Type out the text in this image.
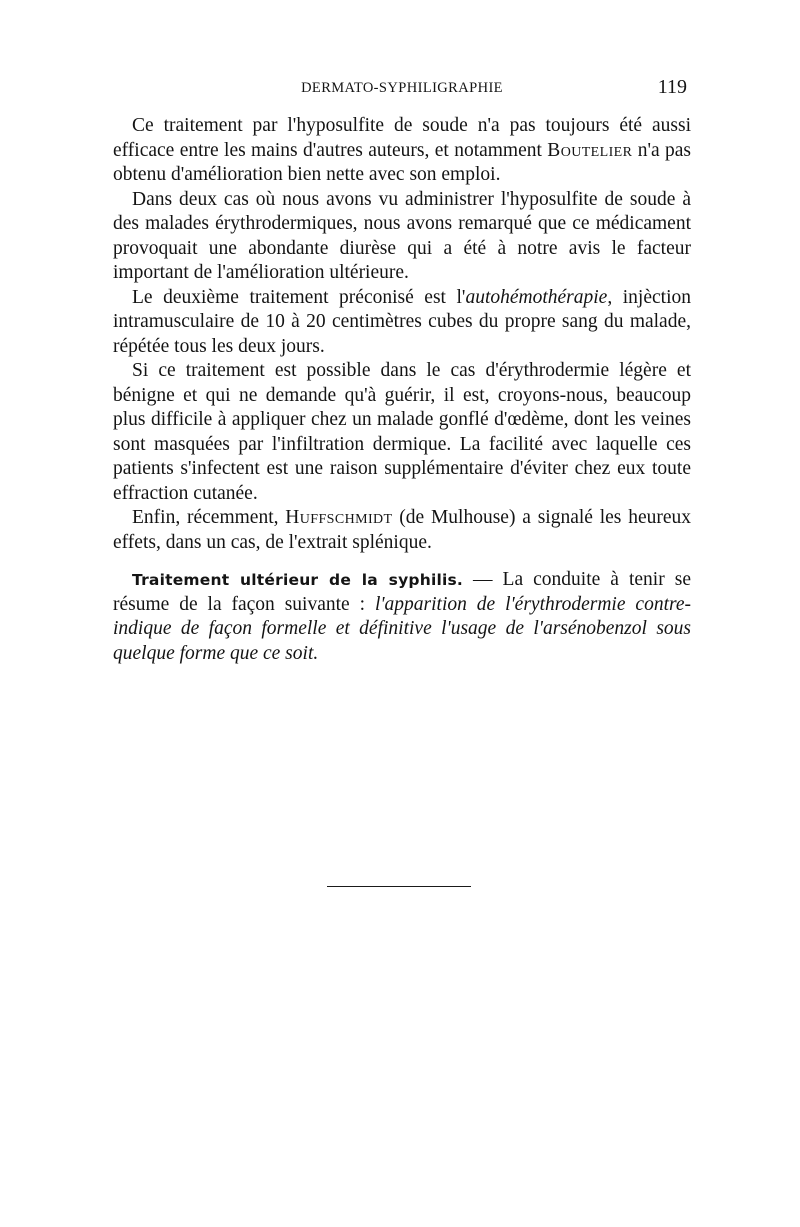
DERMATO-SYPHILIGRAPHIE	119

Ce traitement par l'hyposulfite de soude n'a pas toujours été aussi efficace entre les mains d'autres auteurs, et notamment Boutelier n'a pas obtenu d'amélioration bien nette avec son emploi.

Dans deux cas où nous avons vu administrer l'hyposulfite de soude à des malades érythrodermiques, nous avons remarqué que ce médicament provoquait une abondante diurèse qui a été à notre avis le facteur important de l'amélioration ultérieure.

Le deuxième traitement préconisé est l'autohémothérapie, injèction intramusculaire de 10 à 20 centimètres cubes du propre sang du malade, répétée tous les deux jours.

Si ce traitement est possible dans le cas d'érythrodermie légère et bénigne et qui ne demande qu'à guérir, il est, croyons-nous, beaucoup plus difficile à appliquer chez un malade gonflé d'œdème, dont les veines sont masquées par l'infiltration dermique. La facilité avec laquelle ces patients s'infectent est une raison supplémentaire d'éviter chez eux toute effraction cutanée.

Enfin, récemment, Huffschmidt (de Mulhouse) a signalé les heureux effets, dans un cas, de l'extrait splénique.

Traitement ultérieur de la syphilis. — La conduite à tenir se résume de la façon suivante : l'apparition de l'érythrodermie contre-indique de façon formelle et définitive l'usage de l'arsénobenzol sous quelque forme que ce soit.
